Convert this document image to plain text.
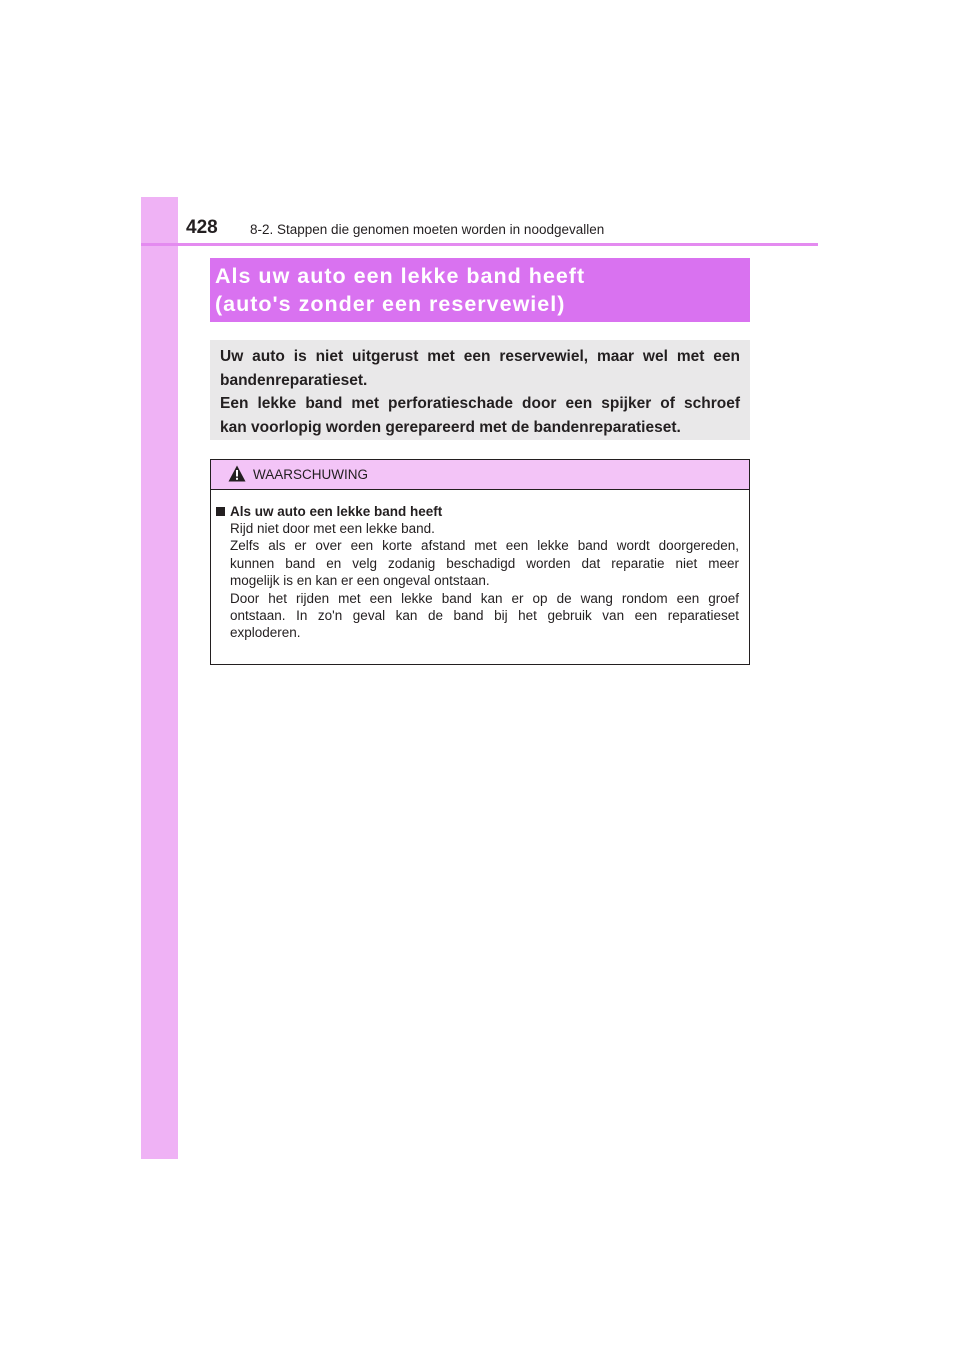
428 8-2. Stappen die genomen moeten worden in noodgevallen
Als uw auto een lekke band heeft
(auto's zonder een reservewiel)
Uw auto is niet uitgerust met een reservewiel, maar wel met een
bandenreparatieset.
Een lekke band met perforatieschade door een spijker of schroef
kan voorlopig worden gerepareerd met de bandenreparatieset.
WAARSCHUWING
Als uw auto een lekke band heeft
Rijd niet door met een lekke band.
Zelfs als er over een korte afstand met een lekke band wordt doorgereden,
kunnen band en velg zodanig beschadigd worden dat reparatie niet meer
mogelijk is en kan er een ongeval ontstaan.
Door het rijden met een lekke band kan er op de wang rondom een groef
ontstaan. In zo'n geval kan de band bij het gebruik van een reparatieset
exploderen.
